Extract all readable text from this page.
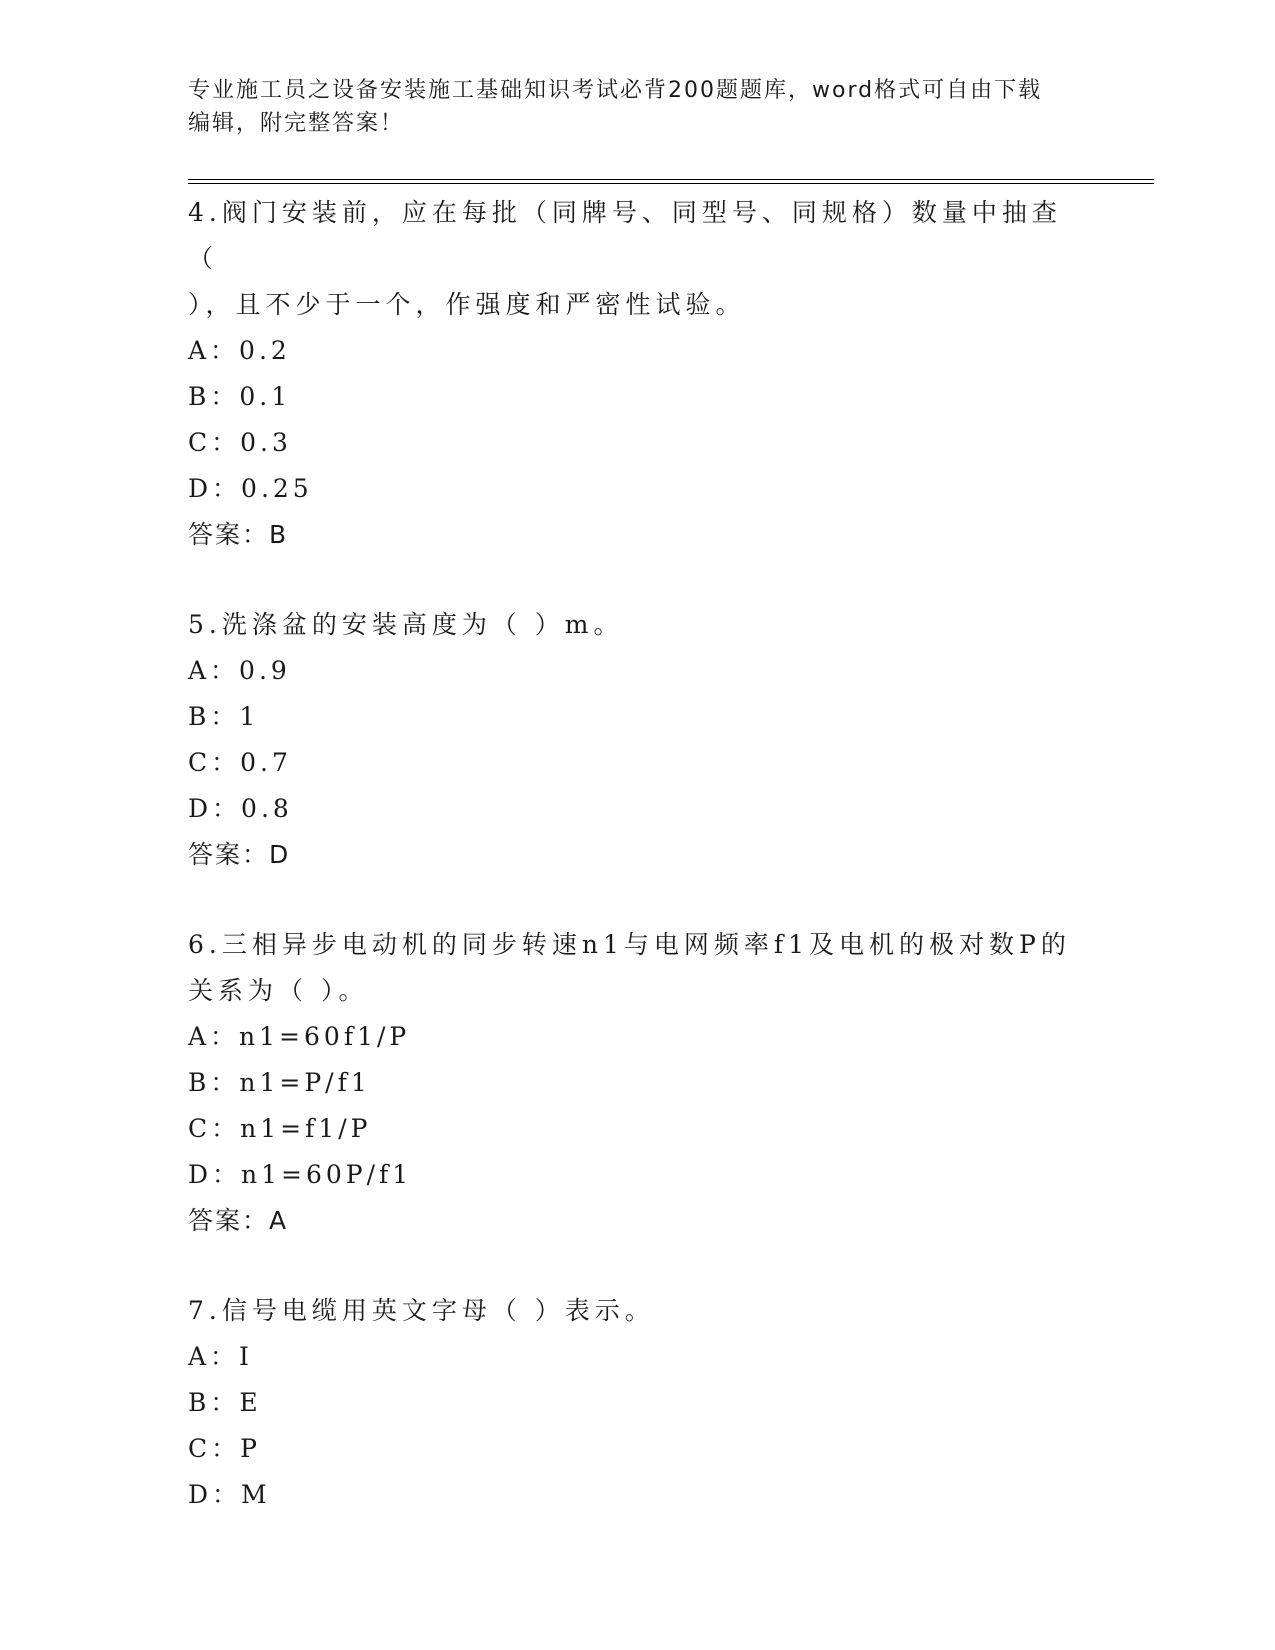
专业施工员之设备安装施工基础知识考试必背200题题库，word格式可自由下载
编辑，附完整答案！

4.阀门安装前，应在每批（同牌号、同型号、同规格）数量中抽查（

），且不少于一个，作强度和严密性试验。

A：0.2

B：0.1

C：0.3

D：0.25

答案：B

5.洗涤盆的安装高度为（ ）m。

A：0.9

B：1

C：0.7

D：0.8

答案：D

6.三相异步电动机的同步转速n1与电网频率f1及电机的极对数P的

关系为（ ）。

A：n1=60f1/P

B：n1=P/f1

C：n1=f1/P

D：n1=60P/f1

答案：A

7.信号电缆用英文字母（ ）表示。

A：I

B：E

C：P

D：M
